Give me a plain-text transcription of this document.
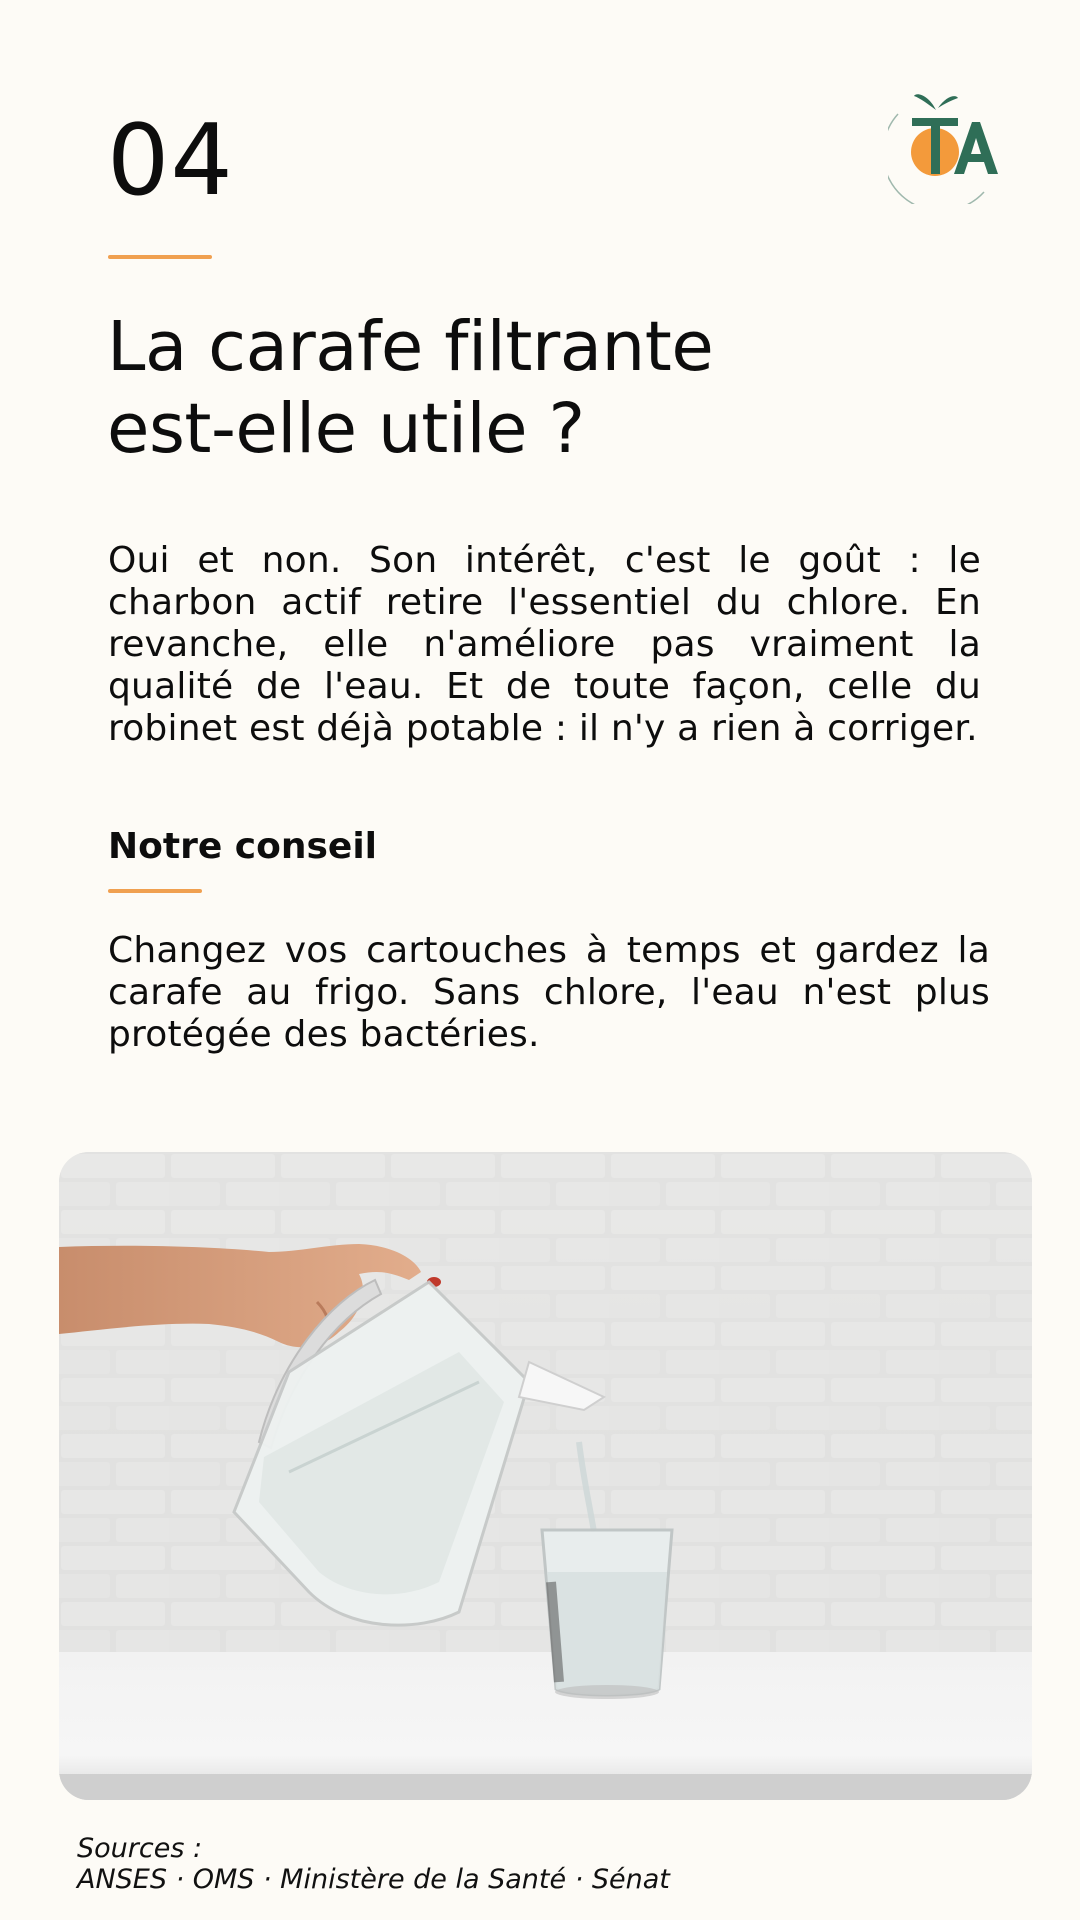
04
La carafe filtrante
est-elle utile ?

Oui et non. Son intérêt, c'est le goût : le charbon actif retire l'essentiel du chlore. En revanche, elle n'améliore pas vraiment la qualité de l'eau. Et de toute façon, celle du robinet est déjà potable : il n'y a rien à corriger.

Notre conseil

Changez vos cartouches à temps et gardez la carafe au frigo. Sans chlore, l'eau n'est plus protégée des bactéries.

Sources :
ANSES · OMS · Ministère de la Santé · Sénat
